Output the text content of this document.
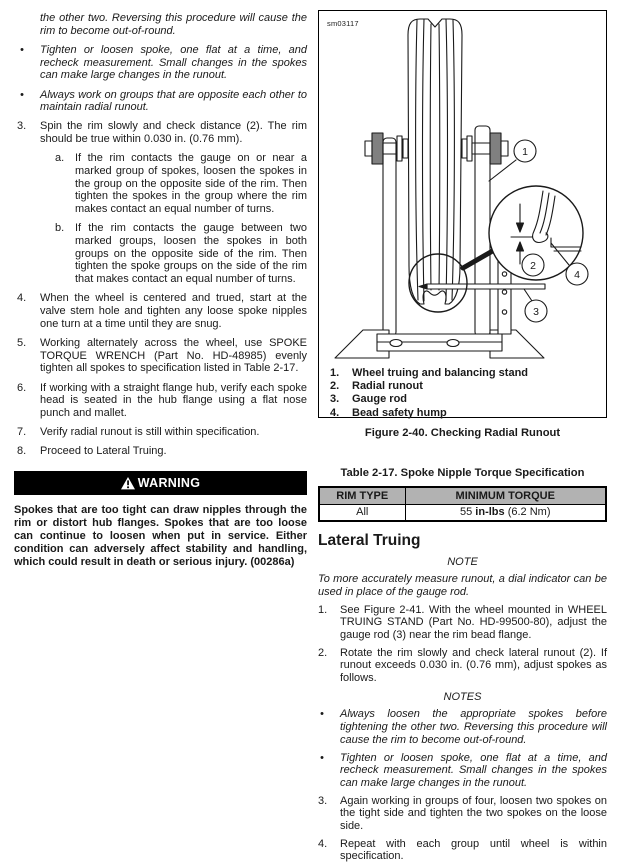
the other two. Reversing this procedure will cause the rim to become out-of-round.

• Tighten or loosen spoke, one flat at a time, and recheck measurement. Small changes in the spokes can make large changes in the runout.
• Always work on groups that are opposite each other to maintain radial runout.
3. Spin the rim slowly and check distance (2). The rim should be true within 0.030 in. (0.76 mm).
a. If the rim contacts the gauge on or near a marked group of spokes, loosen the spokes in the group on the opposite side of the rim. Then tighten the spokes in the group where the rim makes contact an equal number of turns.
b. If the rim contacts the gauge between two marked groups, loosen the spokes in both groups on the opposite side of the rim. Then tighten the spoke groups on the side of the rim that makes contact an equal number of turns.
4. When the wheel is centered and trued, start at the valve stem hole and tighten any loose spoke nipples one turn at a time until they are snug.
5. Working alternately across the wheel, use SPOKE TORQUE WRENCH (Part No. HD-48985) evenly tighten all spokes to specification listed in Table 2-17.
6. If working with a straight flange hub, verify each spoke head is seated in the hub flange using a flat nose punch and mallet.
7. Verify radial runout is still within specification.
8. Proceed to Lateral Truing.
WARNING

Spokes that are too tight can draw nipples through the rim or distort hub flanges. Spokes that are too loose can continue to loosen when put in service. Either condition can adversely affect stability and handling, which could result in death or serious injury. (00286a)

sm03117
1
2
4
3
1. Wheel truing and balancing stand
2. Radial runout
3. Gauge rod
4. Bead safety hump

Figure 2-40. Checking Radial Runout

Table 2-17. Spoke Nipple Torque Specification

RIM TYPE	MINIMUM TORQUE
All	55 in-lbs (6.2 Nm)
Lateral Truing

NOTE

To more accurately measure runout, a dial indicator can be used in place of the gauge rod.

1. See Figure 2-41. With the wheel mounted in WHEEL TRUING STAND (Part No. HD-99500-80), adjust the gauge rod (3) near the rim bead flange.
2. Rotate the rim slowly and check lateral runout (2). If runout exceeds 0.030 in. (0.76 mm), adjust spokes as follows.

NOTES

• Always loosen the appropriate spokes before tightening the other two. Reversing this procedure will cause the rim to become out-of-round.
• Tighten or loosen spoke, one flat at a time, and recheck measurement. Small changes in the spokes can make large changes in the runout.
3. Again working in groups of four, loosen two spokes on the tight side and tighten the two spokes on the loose side.
4. Repeat with each group until wheel is within specification.
